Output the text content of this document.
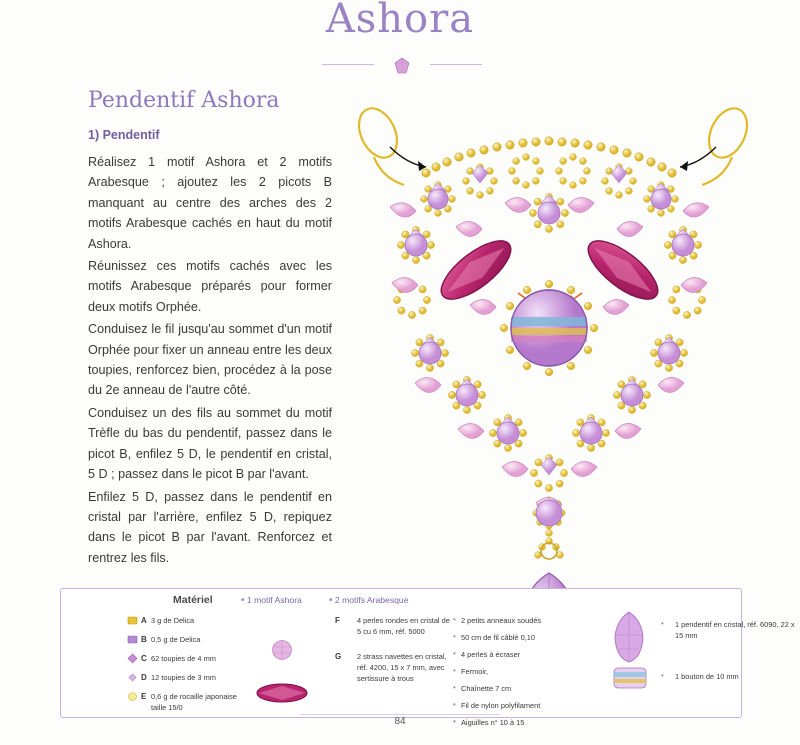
Ashora
Pendentif Ashora
1) Pendentif

Réalisez 1 motif Ashora et 2 motifs Arabesque ; ajoutez les 2 picots B manquant au centre des arches des 2 motifs Arabesque cachés en haut du motif Ashora.

Réunissez ces motifs cachés avec les motifs Arabesque préparés pour former deux motifs Orphée.

Conduisez le fil jusqu'au sommet d'un motif Orphée pour fixer un anneau entre les deux toupies, renforcez bien, procédez à la pose du 2e anneau de l'autre côté.

Conduisez un des fils au sommet du motif Trèfle du bas du pendentif, passez dans le picot B, enfilez 5 D, le pendentif en cristal, 5 D ; passez dans le picot B par l'avant.

Enfilez 5 D, passez dans le pendentif en cristal par l'arrière, enfilez 5 D, repiquez dans le picot B par l'avant. Renforcez et rentrez les fils.

Matériel	• 1 motif Ashora	• 2 motifs Arabesque
A 3 g de Delica
B 0,5 g de Delica
C 62 toupies de 4 mm
D 12 toupies de 3 mm
E 0,6 g de rocaille japonaise taille 15/0
F 4 perles rondes en cristal de 5 cu 6 mm, réf. 5000
G 2 strass navettes en cristal, réf. 4200, 15 x 7 mm, avec sertissure à trous
• 2 petits anneaux soudés
• 50 cm de fil câblé 0,10
• 4 perles à écraser
• Fermoir,
• Chaînette 7 cm
• Fil de nylon polyfilament
• Aiguilles n° 10 à 15
• 1 pendentif en cristal, réf. 6090, 22 x 15 mm
• 1 bouton de 10 mm
84
